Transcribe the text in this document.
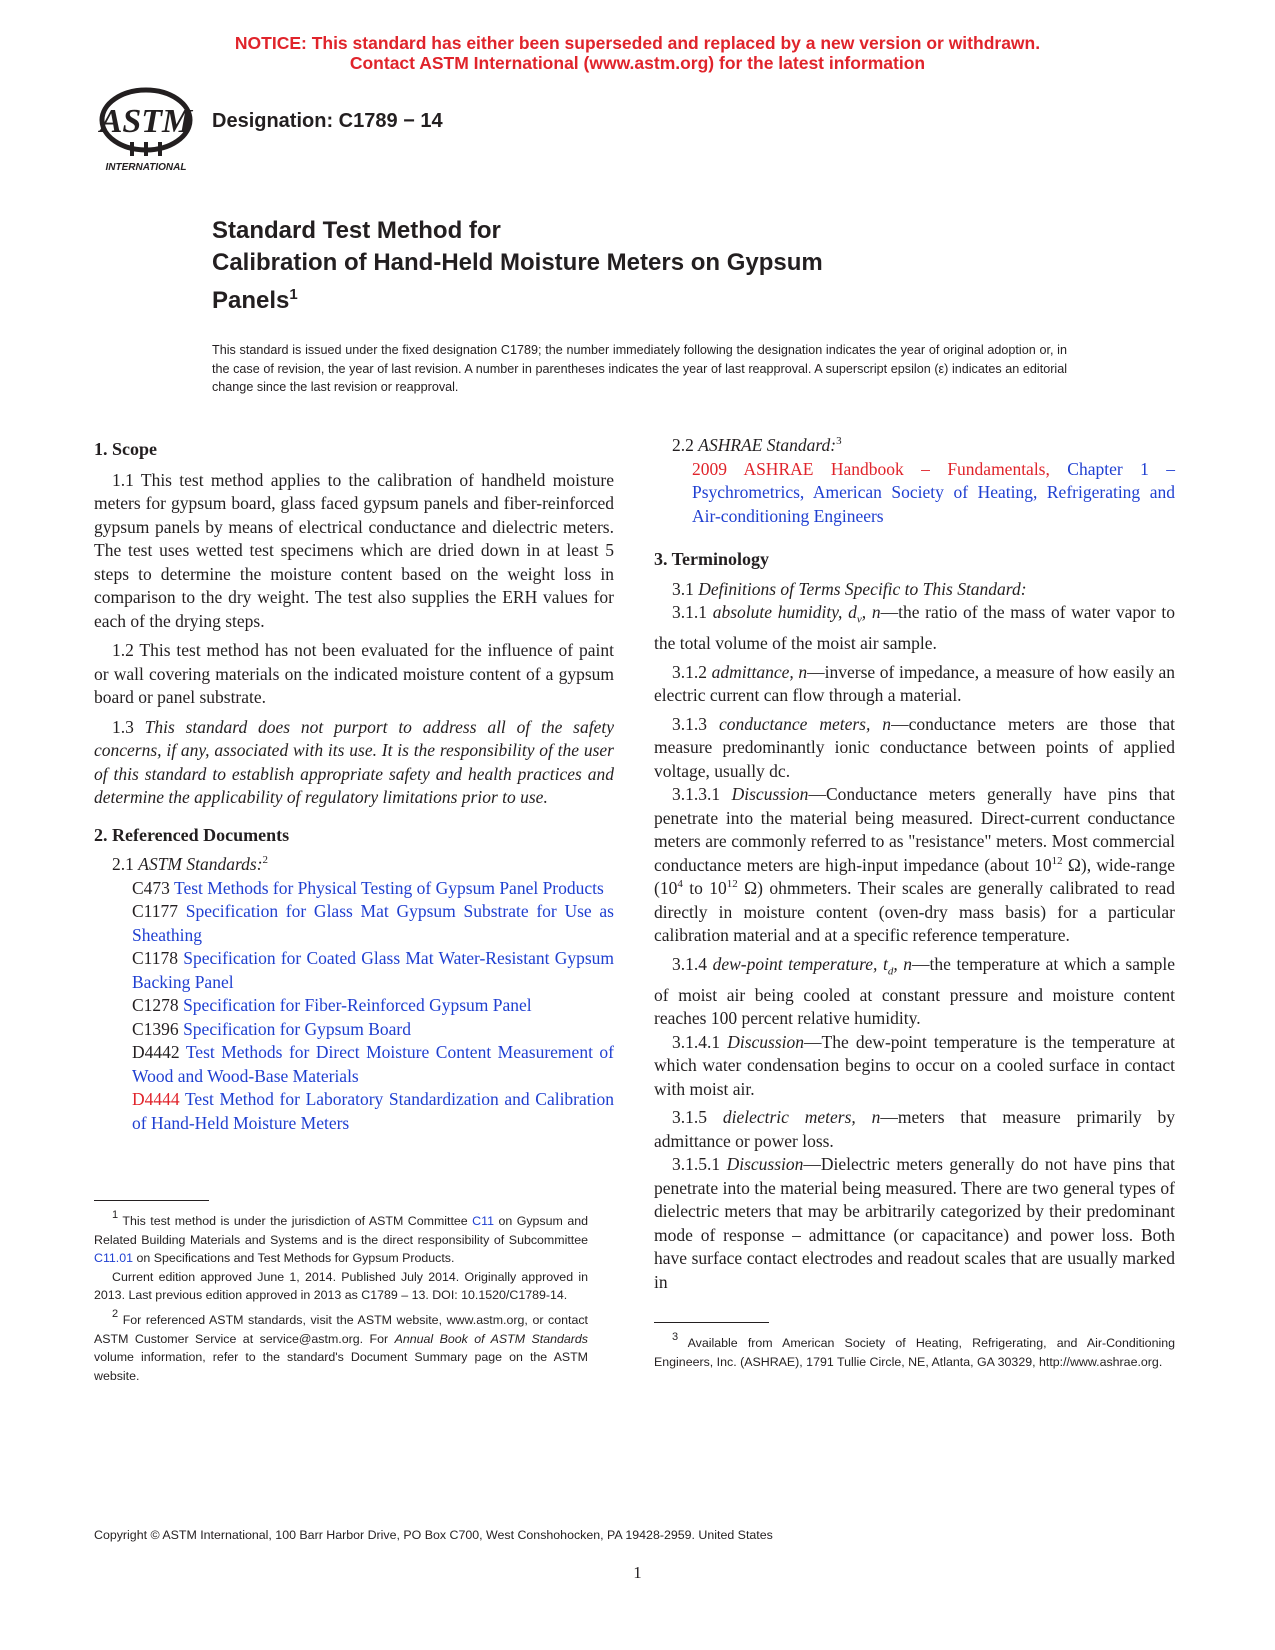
NOTICE: This standard has either been superseded and replaced by a new version or withdrawn.
Contact ASTM International (www.astm.org) for the latest information
ASTM
INTERNATIONAL
Designation: C1789 − 14
Standard Test Method for
Calibration of Hand-Held Moisture Meters on Gypsum
Panels$^1$
This standard is issued under the fixed designation C1789; the number immediately following the designation indicates the year of original adoption or, in the case of revision, the year of last revision. A number in parentheses indicates the year of last reapproval. A superscript epsilon (ε) indicates an editorial change since the last revision or reapproval.
1. Scope

1.1 This test method applies to the calibration of handheld moisture meters for gypsum board, glass faced gypsum panels and fiber-reinforced gypsum panels by means of electrical conductance and dielectric meters. The test uses wetted test specimens which are dried down in at least 5 steps to determine the moisture content based on the weight loss in comparison to the dry weight. The test also supplies the ERH values for each of the drying steps.

1.2 This test method has not been evaluated for the influence of paint or wall covering materials on the indicated moisture content of a gypsum board or panel substrate.

1.3 This standard does not purport to address all of the safety concerns, if any, associated with its use. It is the responsibility of the user of this standard to establish appropriate safety and health practices and determine the applicability of regulatory limitations prior to use.

2. Referenced Documents

2.1 ASTM Standards:$^2$

C473 Test Methods for Physical Testing of Gypsum Panel Products

C1177 Specification for Glass Mat Gypsum Substrate for Use as Sheathing

C1178 Specification for Coated Glass Mat Water-Resistant Gypsum Backing Panel

C1278 Specification for Fiber-Reinforced Gypsum Panel

C1396 Specification for Gypsum Board

D4442 Test Methods for Direct Moisture Content Measurement of Wood and Wood-Base Materials

D4444 Test Method for Laboratory Standardization and Calibration of Hand-Held Moisture Meters

$^1$ This test method is under the jurisdiction of ASTM Committee C11 on Gypsum and Related Building Materials and Systems and is the direct responsibility of Subcommittee C11.01 on Specifications and Test Methods for Gypsum Products.

Current edition approved June 1, 2014. Published July 2014. Originally approved in 2013. Last previous edition approved in 2013 as C1789 – 13. DOI: 10.1520/C1789-14.

$^2$ For referenced ASTM standards, visit the ASTM website, www.astm.org, or contact ASTM Customer Service at service@astm.org. For Annual Book of ASTM Standards volume information, refer to the standard's Document Summary page on the ASTM website.

2.2 ASHRAE Standard:$^3$

2009 ASHRAE Handbook – Fundamentals, Chapter 1 – Psychrometrics, American Society of Heating, Refrigerating and Air-conditioning Engineers

3. Terminology

3.1 Definitions of Terms Specific to This Standard:

3.1.1 absolute humidity, $d_v$, n—the ratio of the mass of water vapor to the total volume of the moist air sample.

3.1.2 admittance, n—inverse of impedance, a measure of how easily an electric current can flow through a material.

3.1.3 conductance meters, n—conductance meters are those that measure predominantly ionic conductance between points of applied voltage, usually dc.

3.1.3.1 Discussion—Conductance meters generally have pins that penetrate into the material being measured. Direct-current conductance meters are commonly referred to as "resistance" meters. Most commercial conductance meters are high-input impedance (about $10^{12}$ Ω), wide-range ($10^4$ to $10^{12}$ Ω) ohmmeters. Their scales are generally calibrated to read directly in moisture content (oven-dry mass basis) for a particular calibration material and at a specific reference temperature.

3.1.4 dew-point temperature, $t_d$, n—the temperature at which a sample of moist air being cooled at constant pressure and moisture content reaches 100 percent relative humidity.

3.1.4.1 Discussion—The dew-point temperature is the temperature at which water condensation begins to occur on a cooled surface in contact with moist air.

3.1.5 dielectric meters, n—meters that measure primarily by admittance or power loss.

3.1.5.1 Discussion—Dielectric meters generally do not have pins that penetrate into the material being measured. There are two general types of dielectric meters that may be arbitrarily categorized by their predominant mode of response – admittance (or capacitance) and power loss. Both have surface contact electrodes and readout scales that are usually marked in

$^3$ Available from American Society of Heating, Refrigerating, and Air-Conditioning Engineers, Inc. (ASHRAE), 1791 Tullie Circle, NE, Atlanta, GA 30329, http://www.ashrae.org.

Copyright © ASTM International, 100 Barr Harbor Drive, PO Box C700, West Conshohocken, PA 19428-2959. United States
1
